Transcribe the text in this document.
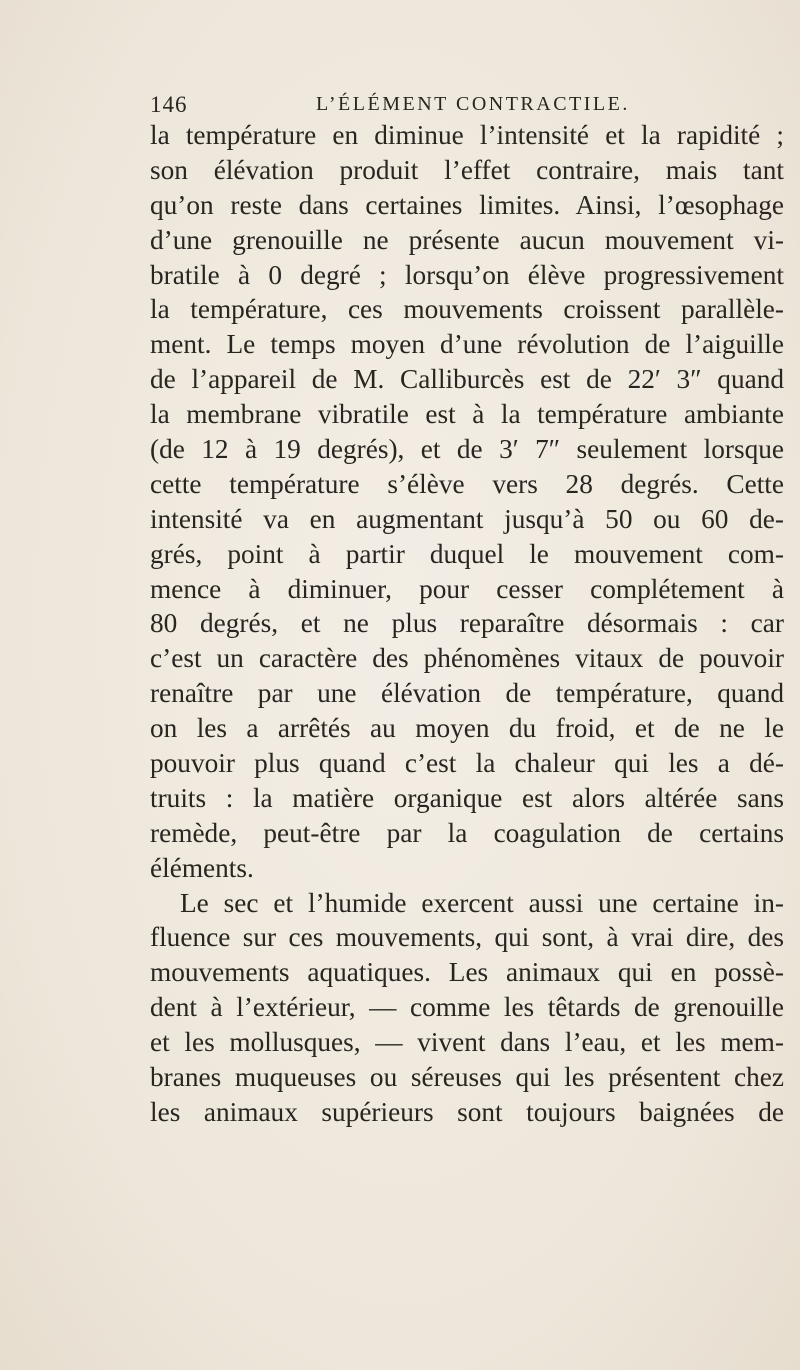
146	L’ÉLÉMENT CONTRACTILE.
la température en diminue l’intensité et la rapidité ;
son élévation produit l’effet contraire, mais tant
qu’on reste dans certaines limites. Ainsi, l’œsophage
d’une grenouille ne présente aucun mouvement vi-
bratile à 0 degré ; lorsqu’on élève progressivement
la température, ces mouvements croissent parallèle-
ment. Le temps moyen d’une révolution de l’aiguille
de l’appareil de M. Calliburcès est de 22′ 3″ quand
la membrane vibratile est à la température ambiante
(de 12 à 19 degrés), et de 3′ 7″ seulement lorsque
cette température s’élève vers 28 degrés. Cette
intensité va en augmentant jusqu’à 50 ou 60 de-
grés, point à partir duquel le mouvement com-
mence à diminuer, pour cesser complétement à
80 degrés, et ne plus reparaître désormais : car
c’est un caractère des phénomènes vitaux de pouvoir
renaître par une élévation de température, quand
on les a arrêtés au moyen du froid, et de ne le
pouvoir plus quand c’est la chaleur qui les a dé-
truits : la matière organique est alors altérée sans
remède, peut-être par la coagulation de certains
éléments.
Le sec et l’humide exercent aussi une certaine in-
fluence sur ces mouvements, qui sont, à vrai dire, des
mouvements aquatiques. Les animaux qui en possè-
dent à l’extérieur, — comme les têtards de grenouille
et les mollusques, — vivent dans l’eau, et les mem-
branes muqueuses ou séreuses qui les présentent chez
les animaux supérieurs sont toujours baignées de
